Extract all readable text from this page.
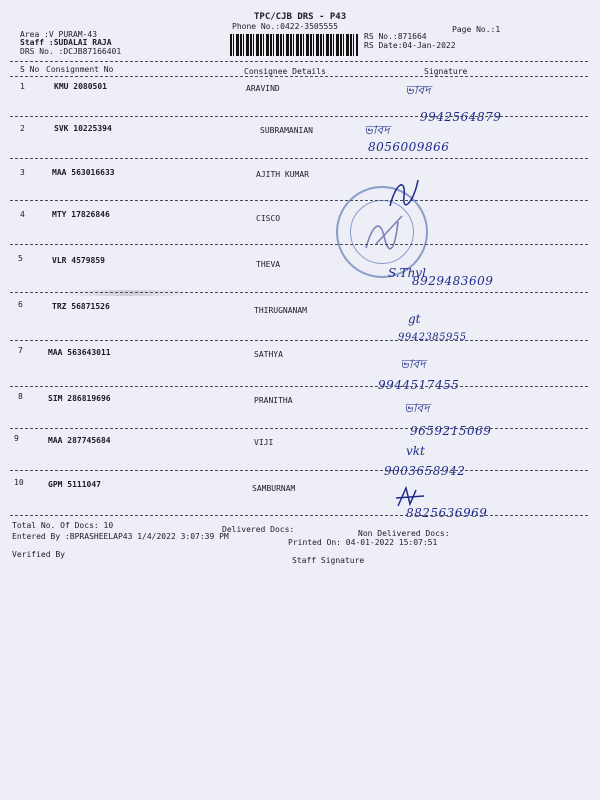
TPC/CJB DRS - P43
Phone No.:0422-3505555	Page No.:1
Area :V PURAM-43
Staff :SUDALAI RAJA
DRS No. :DCJB87166401
RS No.:871664
RS Date:04-Jan-2022
S No Consignment No	Consignee Details	Signature
1	KMU 2080501	ARAVIND	ভাবদ
9942564879
2	SVK 10225394	SUBRAMANIAN	ভাবদ
8056009866
3	MAA 563016633	AJITH KUMAR
4	MTY 17826846	CISCO
5	VLR 4579859	THEVA
S.Thvl
8929483609
6	TRZ 56871526	THIRUGNANAM
gt
9942385955
7	MAA 563643011	SATHYA
ভাবদ
9944517455
8	SIM 286819696	PRANITHA
ভাবদ
9659215069
9	MAA 287745684	VIJI
vkt
9003658942
10	GPM 5111047	SAMBURNAM
8825636969
Total No. Of Docs: 10	Delivered Docs:	Non Delivered Docs:
Entered By :BPRASHEELAP43 1/4/2022 3:07:39 PM
Printed On: 04-01-2022 15:07:51
Verified By
Staff Signature
